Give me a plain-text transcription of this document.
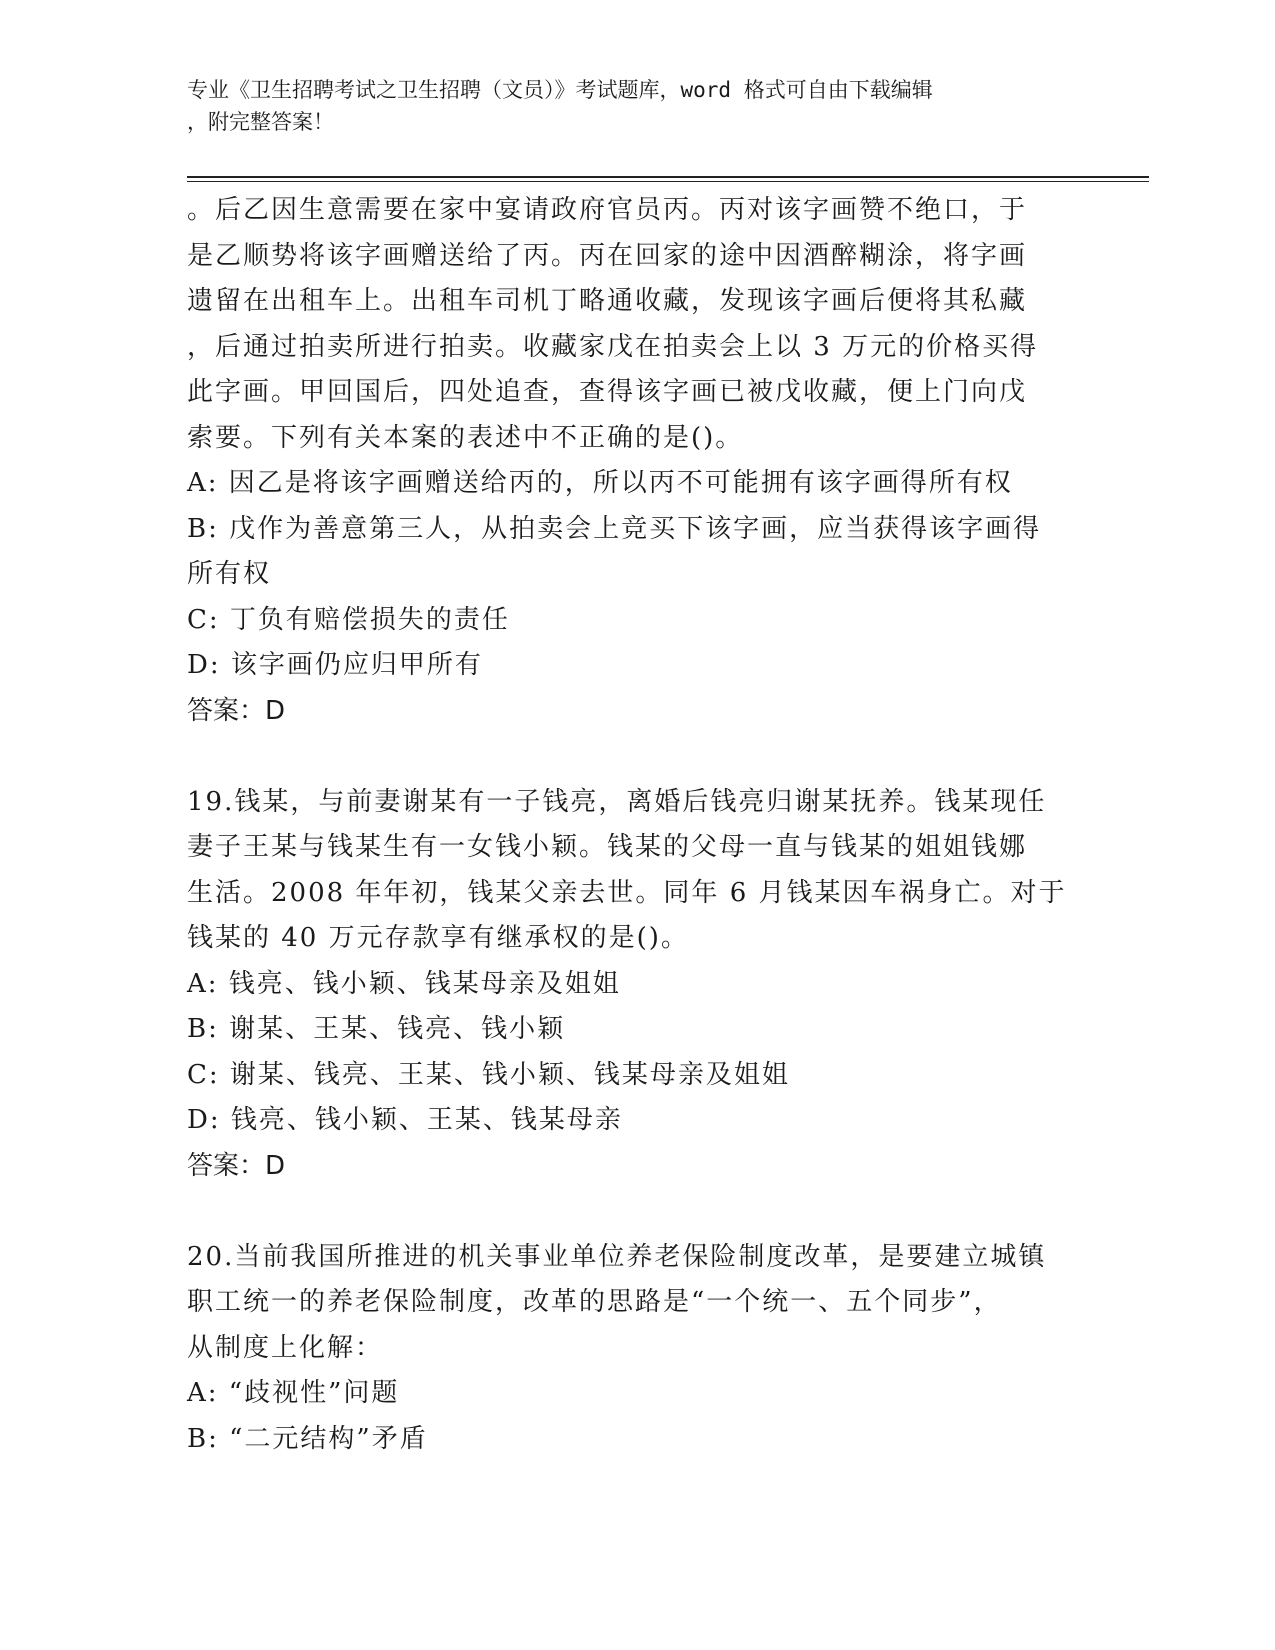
专业《卫生招聘考试之卫生招聘（文员）》考试题库，word 格式可自由下载编辑
，附完整答案！
。后乙因生意需要在家中宴请政府官员丙。丙对该字画赞不绝口，于
是乙顺势将该字画赠送给了丙。丙在回家的途中因酒醉糊涂，将字画
遗留在出租车上。出租车司机丁略通收藏，发现该字画后便将其私藏
，后通过拍卖所进行拍卖。收藏家戊在拍卖会上以 3 万元的价格买得
此字画。甲回国后，四处追查，查得该字画已被戊收藏，便上门向戊
索要。下列有关本案的表述中不正确的是()。
A: 因乙是将该字画赠送给丙的，所以丙不可能拥有该字画得所有权
B: 戊作为善意第三人，从拍卖会上竞买下该字画，应当获得该字画得
所有权
C: 丁负有赔偿损失的责任
D: 该字画仍应归甲所有
答案：D
19.钱某，与前妻谢某有一子钱亮，离婚后钱亮归谢某抚养。钱某现任
妻子王某与钱某生有一女钱小颖。钱某的父母一直与钱某的姐姐钱娜
生活。2008 年年初，钱某父亲去世。同年 6 月钱某因车祸身亡。对于
钱某的 40 万元存款享有继承权的是()。
A: 钱亮、钱小颖、钱某母亲及姐姐
B: 谢某、王某、钱亮、钱小颖
C: 谢某、钱亮、王某、钱小颖、钱某母亲及姐姐
D: 钱亮、钱小颖、王某、钱某母亲
答案：D
20.当前我国所推进的机关事业单位养老保险制度改革，是要建立城镇
职工统一的养老保险制度，改革的思路是“一个统一、五个同步”，
从制度上化解：
A: “歧视性”问题
B: “二元结构”矛盾
